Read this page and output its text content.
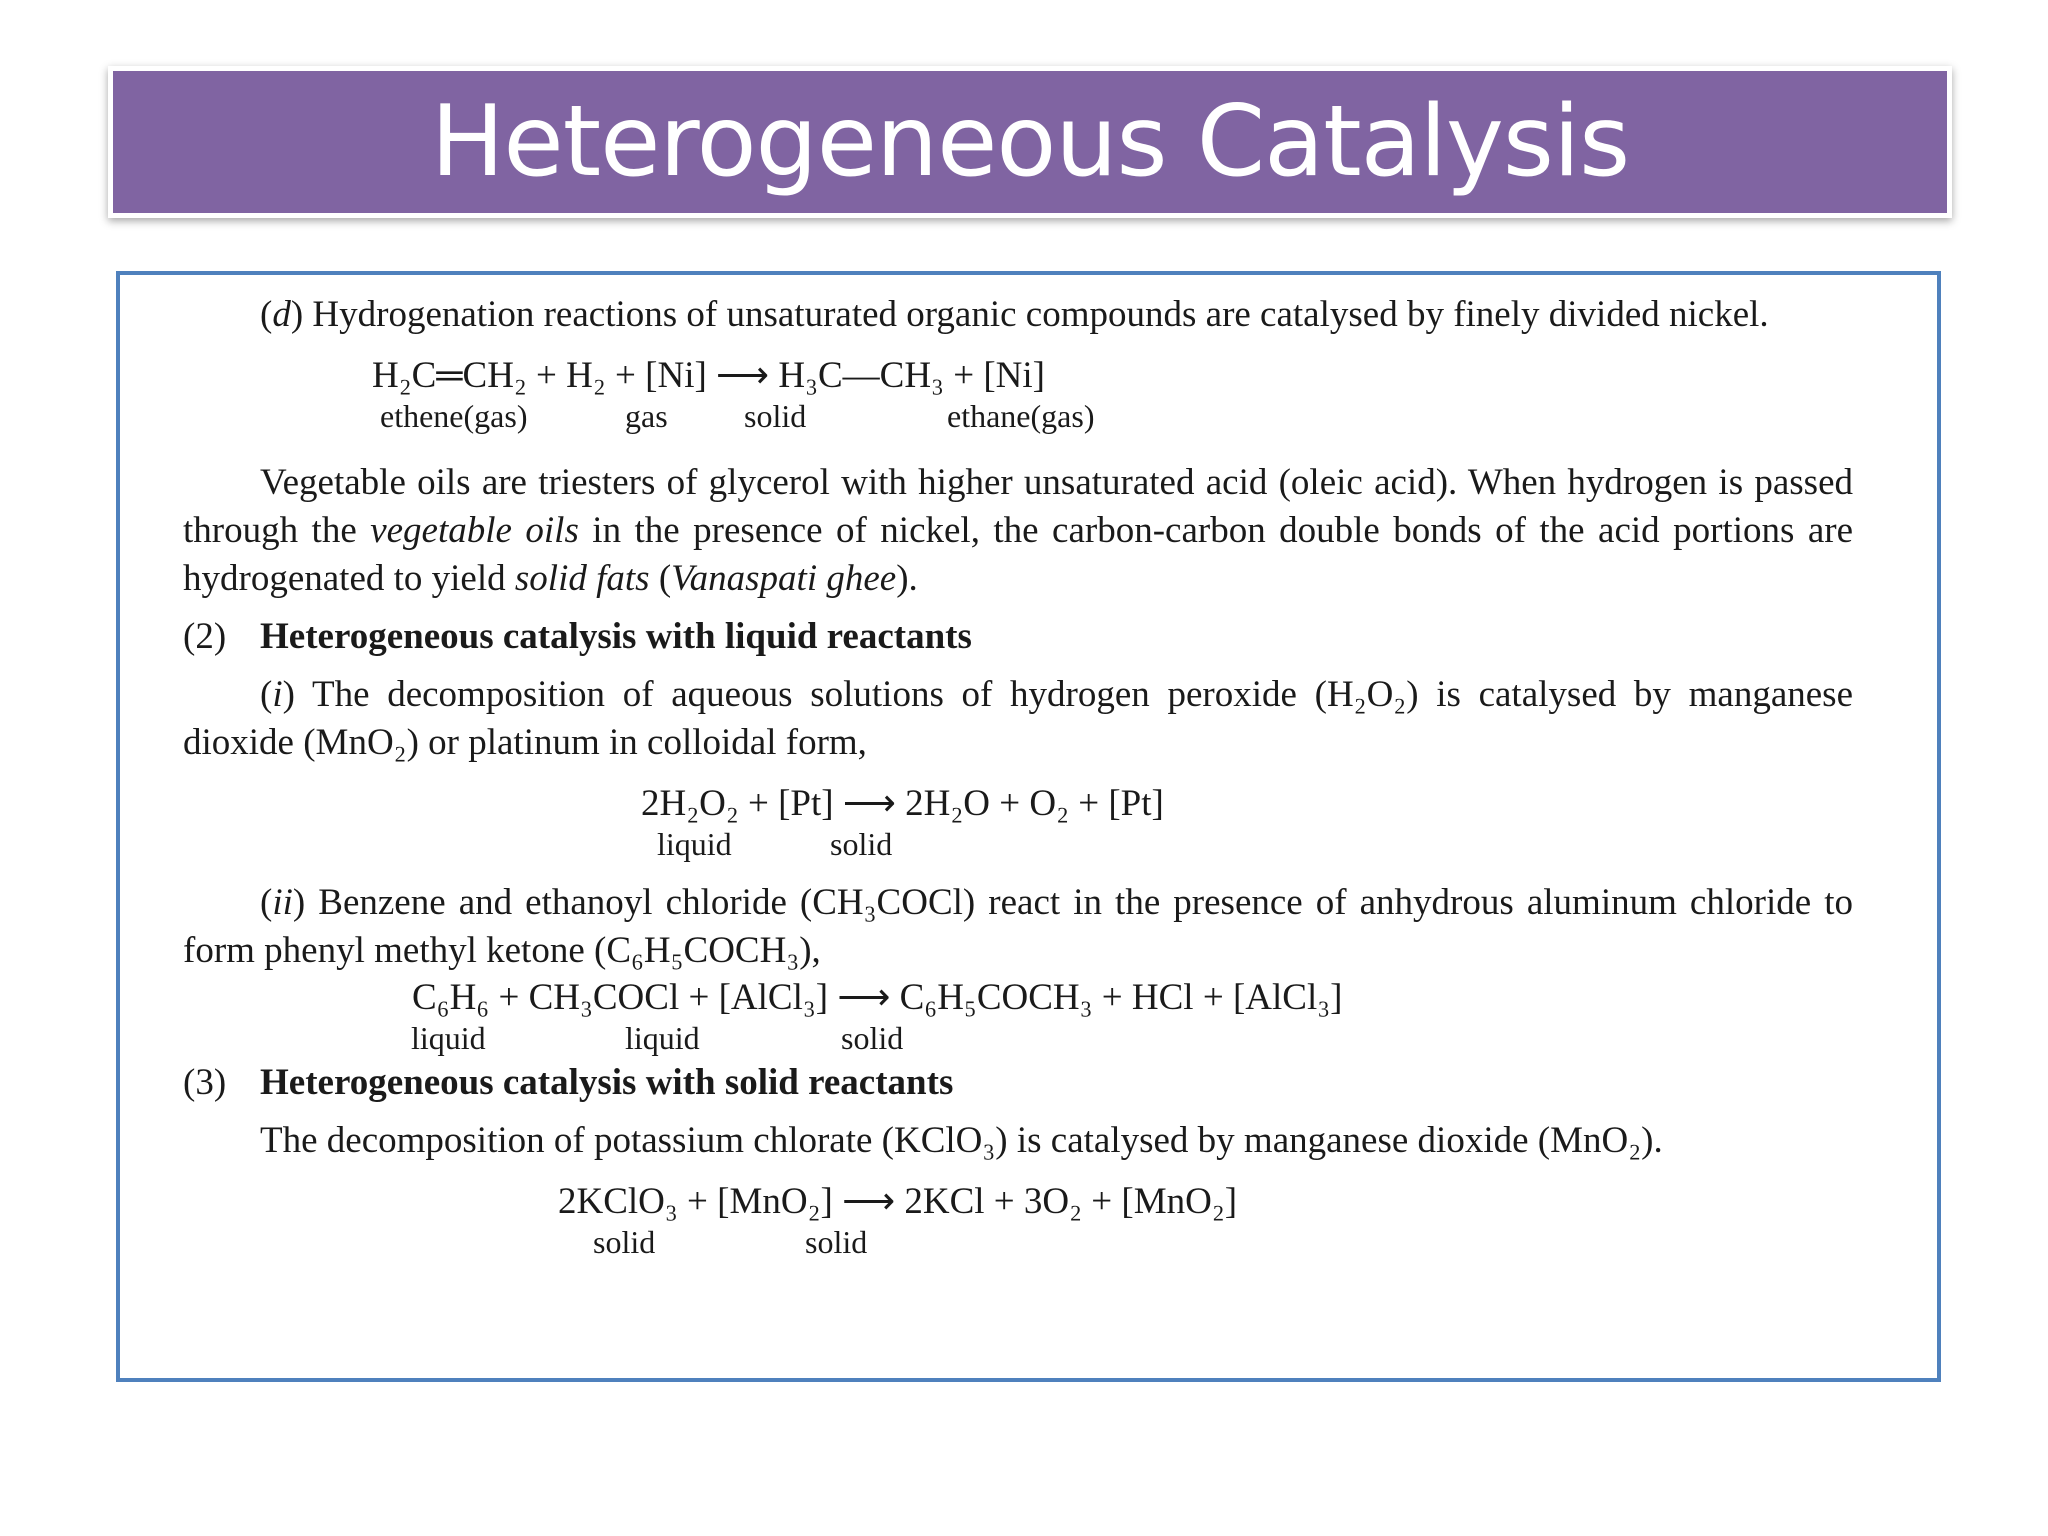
Heterogeneous Catalysis

(d) Hydrogenation reactions of unsaturated organic compounds are catalysed by finely divided nickel.

H₂C═CH₂ + H₂ + [Ni] ⟶ H₃C—CH₃ + [Ni]
ethene(gas)	gas solid	ethane(gas)

Vegetable oils are triesters of glycerol with higher unsaturated acid (oleic acid). When hydrogen is passed through the vegetable oils in the presence of nickel, the carbon-carbon double bonds of the acid portions are hydrogenated to yield solid fats (Vanaspati ghee).

(2) Heterogeneous catalysis with liquid reactants

(i) The decomposition of aqueous solutions of hydrogen peroxide (H₂O₂) is catalysed by manganese dioxide (MnO₂) or platinum in colloidal form,

2H₂O₂ + [Pt] ⟶ 2H₂O + O₂ + [Pt]
liquid	solid

(ii) Benzene and ethanoyl chloride (CH₃COCl) react in the presence of anhydrous aluminum chloride to form phenyl methyl ketone (C₆H₅COCH₃),

C₆H₆ + CH₃COCl + [AlCl₃] ⟶ C₆H₅COCH₃ + HCl + [AlCl₃]
liquid	liquid	solid

(3) Heterogeneous catalysis with solid reactants

The decomposition of potassium chlorate (KClO₃) is catalysed by manganese dioxide (MnO₂).

2KClO₃ + [MnO₂] ⟶ 2KCl + 3O₂ + [MnO₂]
solid	solid
